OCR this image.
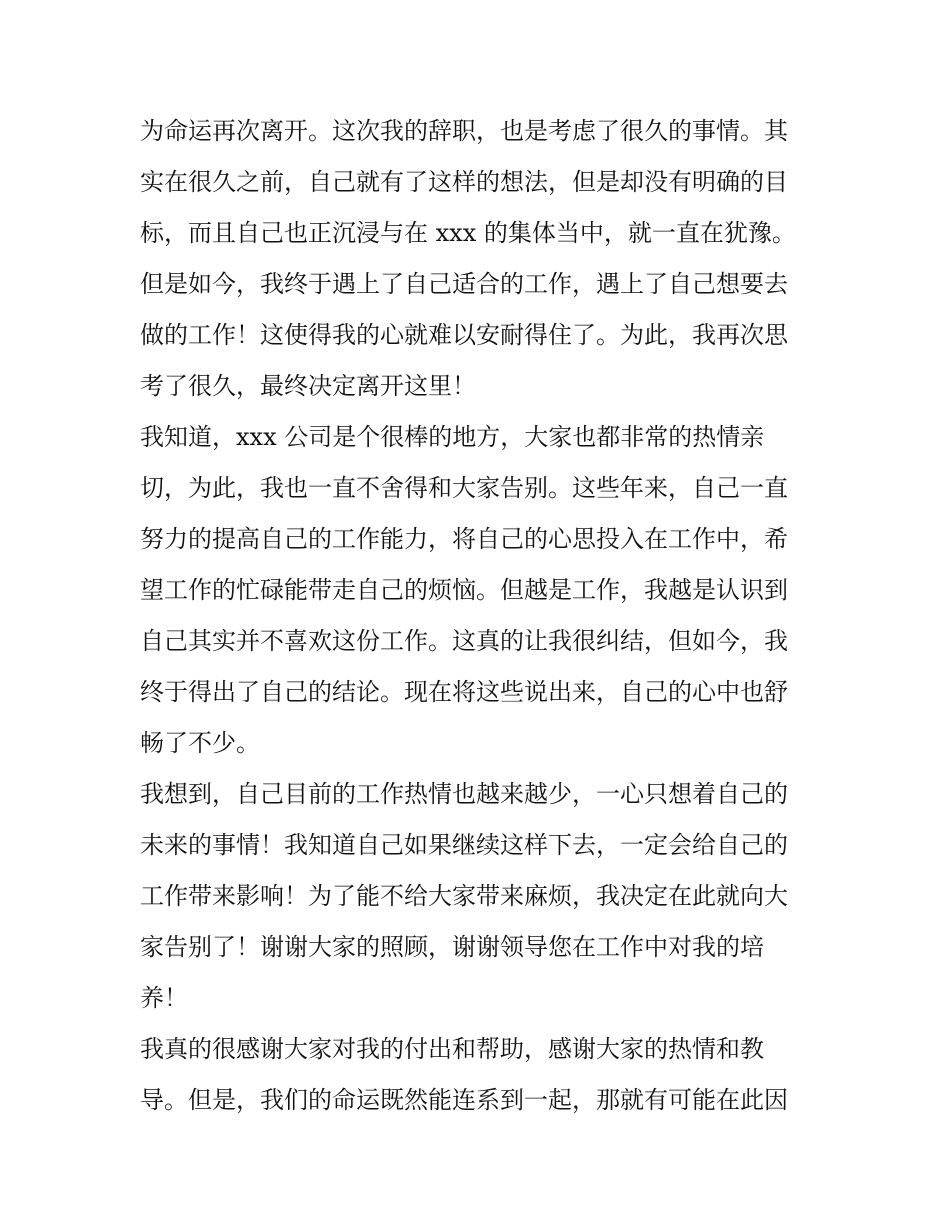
为命运再次离开。这次我的辞职，也是考虑了很久的事情。其
实在很久之前，自己就有了这样的想法，但是却没有明确的目
标，而且自己也正沉浸与在 xxx 的集体当中，就一直在犹豫。
但是如今，我终于遇上了自己适合的工作，遇上了自己想要去
做的工作！这使得我的心就难以安耐得住了。为此，我再次思
考了很久，最终决定离开这里！
我知道，xxx 公司是个很棒的地方，大家也都非常的热情亲
切，为此，我也一直不舍得和大家告别。这些年来，自己一直
努力的提高自己的工作能力，将自己的心思投入在工作中，希
望工作的忙碌能带走自己的烦恼。但越是工作，我越是认识到
自己其实并不喜欢这份工作。这真的让我很纠结，但如今，我
终于得出了自己的结论。现在将这些说出来，自己的心中也舒
畅了不少。
我想到，自己目前的工作热情也越来越少，一心只想着自己的
未来的事情！我知道自己如果继续这样下去，一定会给自己的
工作带来影响！为了能不给大家带来麻烦，我决定在此就向大
家告别了！谢谢大家的照顾，谢谢领导您在工作中对我的培
养！
我真的很感谢大家对我的付出和帮助，感谢大家的热情和教
导。但是，我们的命运既然能连系到一起，那就有可能在此因
